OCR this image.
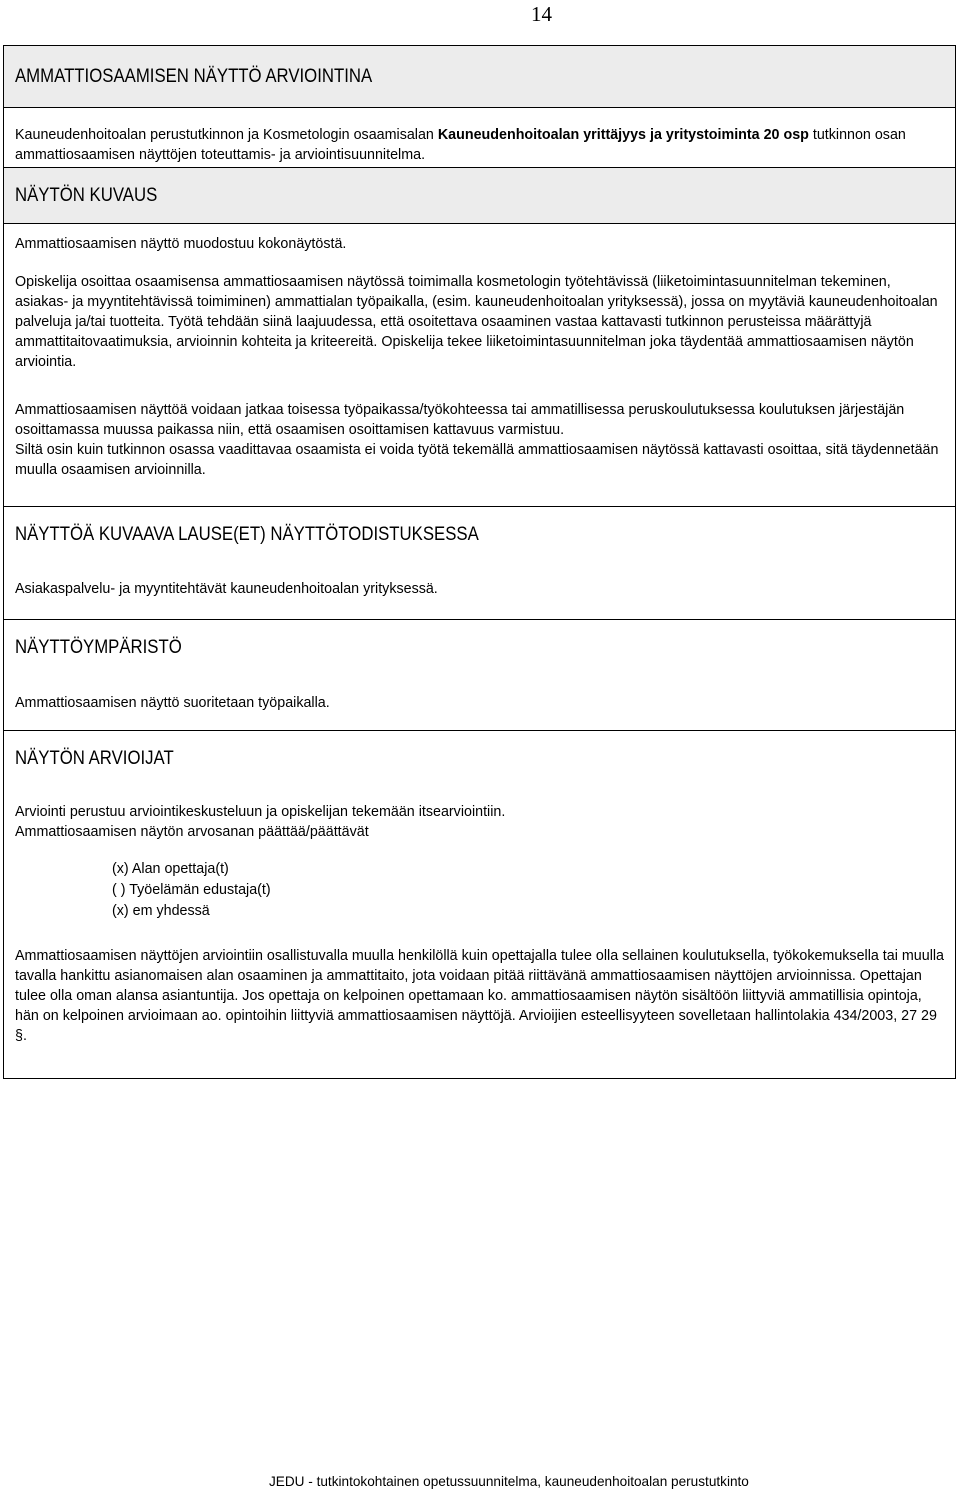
14
AMMATTIOSAAMISEN NÄYTTÖ ARVIOINTINA

Kauneudenhoitoalan perustutkinnon ja Kosmetologin osaamisalan Kauneudenhoitoalan yrittäjyys ja yritystoiminta 20 osp tutkinnon osan ammattiosaamisen näyttöjen toteuttamis- ja arviointisuunnitelma.

NÄYTÖN KUVAUS

Ammattiosaamisen näyttö muodostuu kokonäytöstä.

Opiskelija osoittaa osaamisensa ammattiosaamisen näytössä toimimalla kosmetologin työtehtävissä (liiketoimintasuunnitelman tekeminen, asiakas- ja myyntitehtävissä toimiminen) ammattialan työpaikalla, (esim. kauneudenhoitoalan yrityksessä), jossa on myytäviä kauneudenhoitoalan palveluja ja/tai tuotteita. Työtä tehdään siinä laajuudessa, että osoitettava osaaminen vastaa kattavasti tutkinnon perusteissa määrättyjä ammattitaitovaatimuksia, arvioinnin kohteita ja kriteereitä. Opiskelija tekee liiketoimintasuunnitelman joka täydentää ammattiosaamisen näytön arviointia.

Ammattiosaamisen näyttöä voidaan jatkaa toisessa työpaikassa/työkohteessa tai ammatillisessa peruskoulutuksessa koulutuksen järjestäjän osoittamassa muussa paikassa niin, että osaamisen osoittamisen kattavuus varmistuu.

Siltä osin kuin tutkinnon osassa vaadittavaa osaamista ei voida työtä tekemällä ammattiosaamisen näytössä kattavasti osoittaa, sitä täydennetään muulla osaamisen arvioinnilla.

NÄYTTÖÄ KUVAAVA LAUSE(ET) NÄYTTÖTODISTUKSESSA

Asiakaspalvelu- ja myyntitehtävät kauneudenhoitoalan yrityksessä.

NÄYTTÖYMPÄRISTÖ

Ammattiosaamisen näyttö suoritetaan työpaikalla.

NÄYTÖN ARVIOIJAT

Arviointi perustuu arviointikeskusteluun ja opiskelijan tekemään itsearviointiin.

Ammattiosaamisen näytön arvosanan päättää/päättävät

(x) Alan opettaja(t)

( ) Työelämän edustaja(t)

(x) em yhdessä

Ammattiosaamisen näyttöjen arviointiin osallistuvalla muulla henkilöllä kuin opettajalla tulee olla sellainen koulutuksella, työkokemuksella tai muulla tavalla hankittu asianomaisen alan osaaminen ja ammattitaito, jota voidaan pitää riittävänä ammattiosaamisen näyttöjen arvioinnissa. Opettajan tulee olla oman alansa asiantuntija. Jos opettaja on kelpoinen opettamaan ko. ammattiosaamisen näytön sisältöön liittyviä ammatillisia opintoja, hän on kelpoinen arvioimaan ao. opintoihin liittyviä ammattiosaamisen näyttöjä. Arvioijien esteellisyyteen sovelletaan hallintolakia 434/2003, 27 29 §.

JEDU - tutkintokohtainen opetussuunnitelma, kauneudenhoitoalan perustutkinto
